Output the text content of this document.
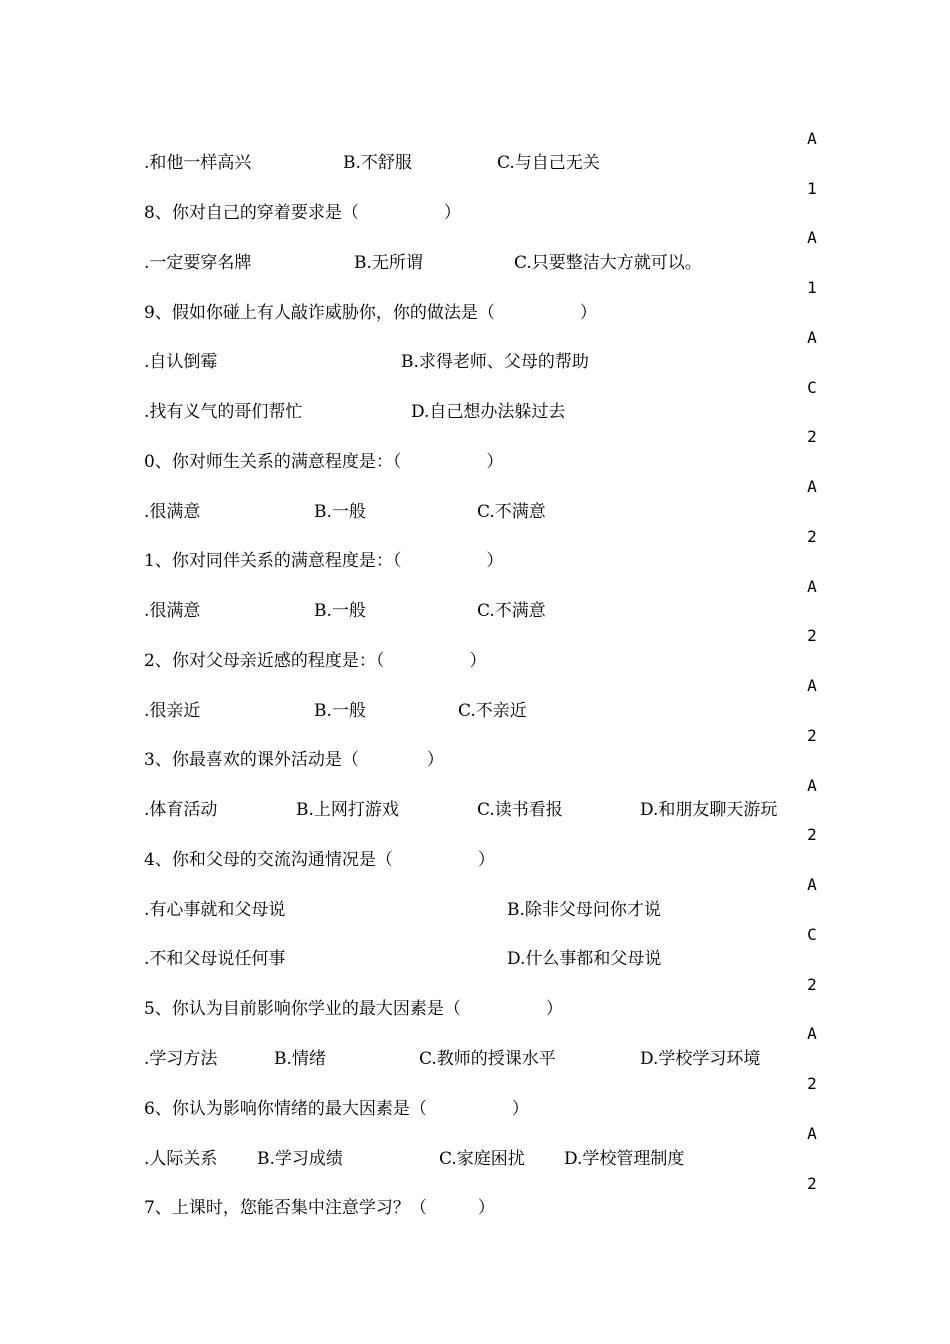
.和他一样高兴	B.不舒服	C.与自己无关
8、你对自己的穿着要求是（　　　　　）
.一定要穿名牌	B.无所谓	C.只要整洁大方就可以。
9、假如你碰上有人敲诈威胁你，你的做法是（　　　　　）
.自认倒霉	B.求得老师、父母的帮助
.找有义气的哥们帮忙	D.自己想办法躲过去
0、你对师生关系的满意程度是：（　　　　　）
.很满意	B.一般	C.不满意
1、你对同伴关系的满意程度是：（　　　　　）
.很满意	B.一般	C.不满意
2、你对父母亲近感的程度是：（　　　　　）
.很亲近	B.一般	C.不亲近
3、你最喜欢的课外活动是（　　　　）
.体育活动	B.上网打游戏	C.读书看报	D.和朋友聊天游玩
4、你和父母的交流沟通情况是（　　　　　）
.有心事就和父母说	B.除非父母问你才说
.不和父母说任何事	D.什么事都和父母说
5、你认为目前影响你学业的最大因素是（　　　　　）
.学习方法	B.情绪	C.教师的授课水平	D.学校学习环境
6、你认为影响你情绪的最大因素是（　　　　　）
.人际关系 B.学习成绩	C.家庭困扰 D.学校管理制度
7、上课时，您能否集中注意学习？（　　　）
A
1
A
1
A
C
2
A
2
A
2
A
2
A
2
A
C
2
A
2
A
2
